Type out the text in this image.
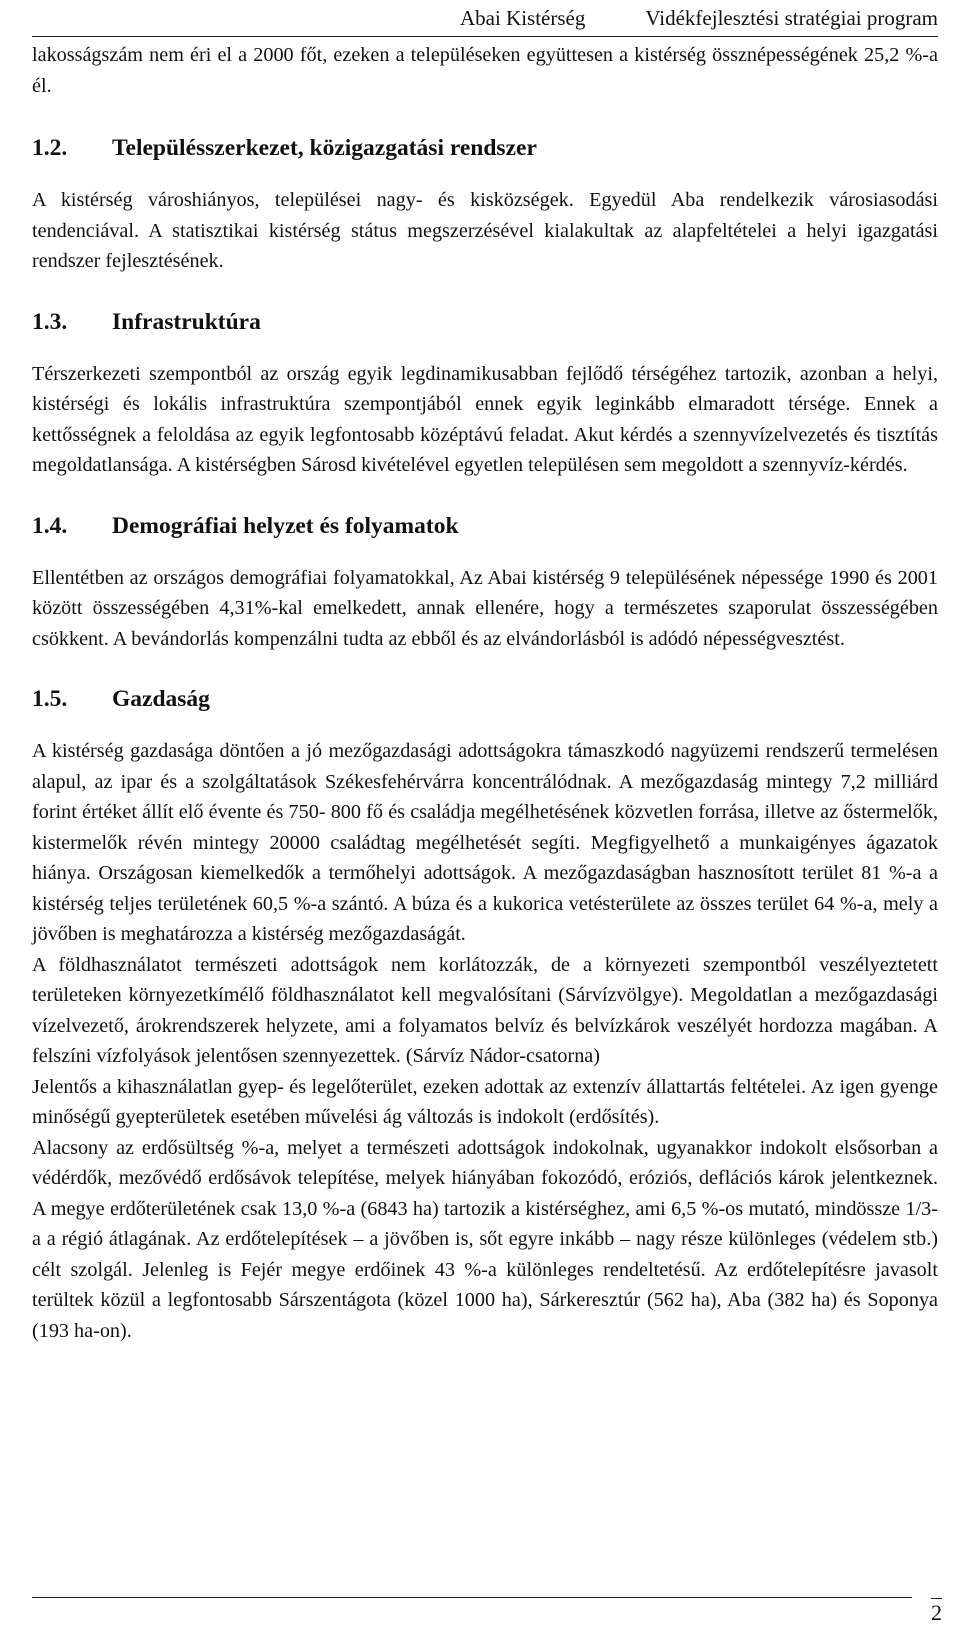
Abai Kistérség	Vidékfejlesztési stratégiai program

lakosságszám nem éri el a 2000 főt, ezeken a településeken együttesen a kistérség össznépességének 25,2 %-a él.

1.2.	Településszerkezet, közigazgatási rendszer

A kistérség városhiányos, települései nagy- és kisközségek. Egyedül Aba rendelkezik városiasodási tendenciával. A statisztikai kistérség státus megszerzésével kialakultak az alapfeltételei a helyi igazgatási rendszer fejlesztésének.

1.3.	Infrastruktúra

Térszerkezeti szempontból az ország egyik legdinamikusabban fejlődő térségéhez tartozik, azonban a helyi, kistérségi és lokális infrastruktúra szempontjából ennek egyik leginkább elmaradott térsége. Ennek a kettősségnek a feloldása az egyik legfontosabb középtávú feladat. Akut kérdés a szennyvízelvezetés és tisztítás megoldatlansága. A kistérségben Sárosd kivételével egyetlen településen sem megoldott a szennyvíz-kérdés.

1.4.	Demográfiai helyzet és folyamatok

Ellentétben az országos demográfiai folyamatokkal, Az Abai kistérség 9 településének népessége 1990 és 2001 között összességében 4,31%-kal emelkedett, annak ellenére, hogy a természetes szaporulat összességében csökkent. A bevándorlás kompenzálni tudta az ebből és az elvándorlásból is adódó népességvesztést.

1.5.	Gazdaság

A kistérség gazdasága döntően a jó mezőgazdasági adottságokra támaszkodó nagyüzemi rendszerű termelésen alapul, az ipar és a szolgáltatások Székesfehérvárra koncentrálódnak. A mezőgazdaság mintegy 7,2 milliárd forint értéket állít elő évente és 750- 800 fő és családja megélhetésének közvetlen forrása, illetve az őstermelők, kistermelők révén mintegy 20000 családtag megélhetését segíti. Megfigyelhető a munkaigényes ágazatok hiánya. Országosan kiemelkedők a termőhelyi adottságok. A mezőgazdaságban hasznosított terület 81 %-a a kistérség teljes területének 60,5 %-a szántó. A búza és a kukorica vetésterülete az összes terület 64 %-a, mely a jövőben is meghatározza a kistérség mezőgazdaságát.

A földhasználatot természeti adottságok nem korlátozzák, de a környezeti szempontból veszélyeztetett területeken környezetkímélő földhasználatot kell megvalósítani (Sárvízvölgye). Megoldatlan a mezőgazdasági vízelvezető, árokrendszerek helyzete, ami a folyamatos belvíz és belvízkárok veszélyét hordozza magában. A felszíni vízfolyások jelentősen szennyezettek. (Sárvíz Nádor-csatorna)

Jelentős a kihasználatlan gyep- és legelőterület, ezeken adottak az extenzív állattartás feltételei. Az igen gyenge minőségű gyepterületek esetében művelési ág változás is indokolt (erdősítés).

Alacsony az erdősültség %-a, melyet a természeti adottságok indokolnak, ugyanakkor indokolt elsősorban a védérdők, mezővédő erdősávok telepítése, melyek hiányában fokozódó, eróziós, deflációs károk jelentkeznek. A megye erdőterületének csak 13,0 %-a (6843 ha) tartozik a kistérséghez, ami 6,5 %-os mutató, mindössze 1/3-a a régió átlagának. Az erdőtelepítések – a jövőben is, sőt egyre inkább – nagy része különleges (védelem stb.) célt szolgál. Jelenleg is Fejér megye erdőinek 43 %-a különleges rendeltetésű. Az erdőtelepítésre javasolt terültek közül a legfontosabb Sárszentágota (közel 1000 ha), Sárkeresztúr (562 ha), Aba (382 ha) és Soponya (193 ha-on).

2
